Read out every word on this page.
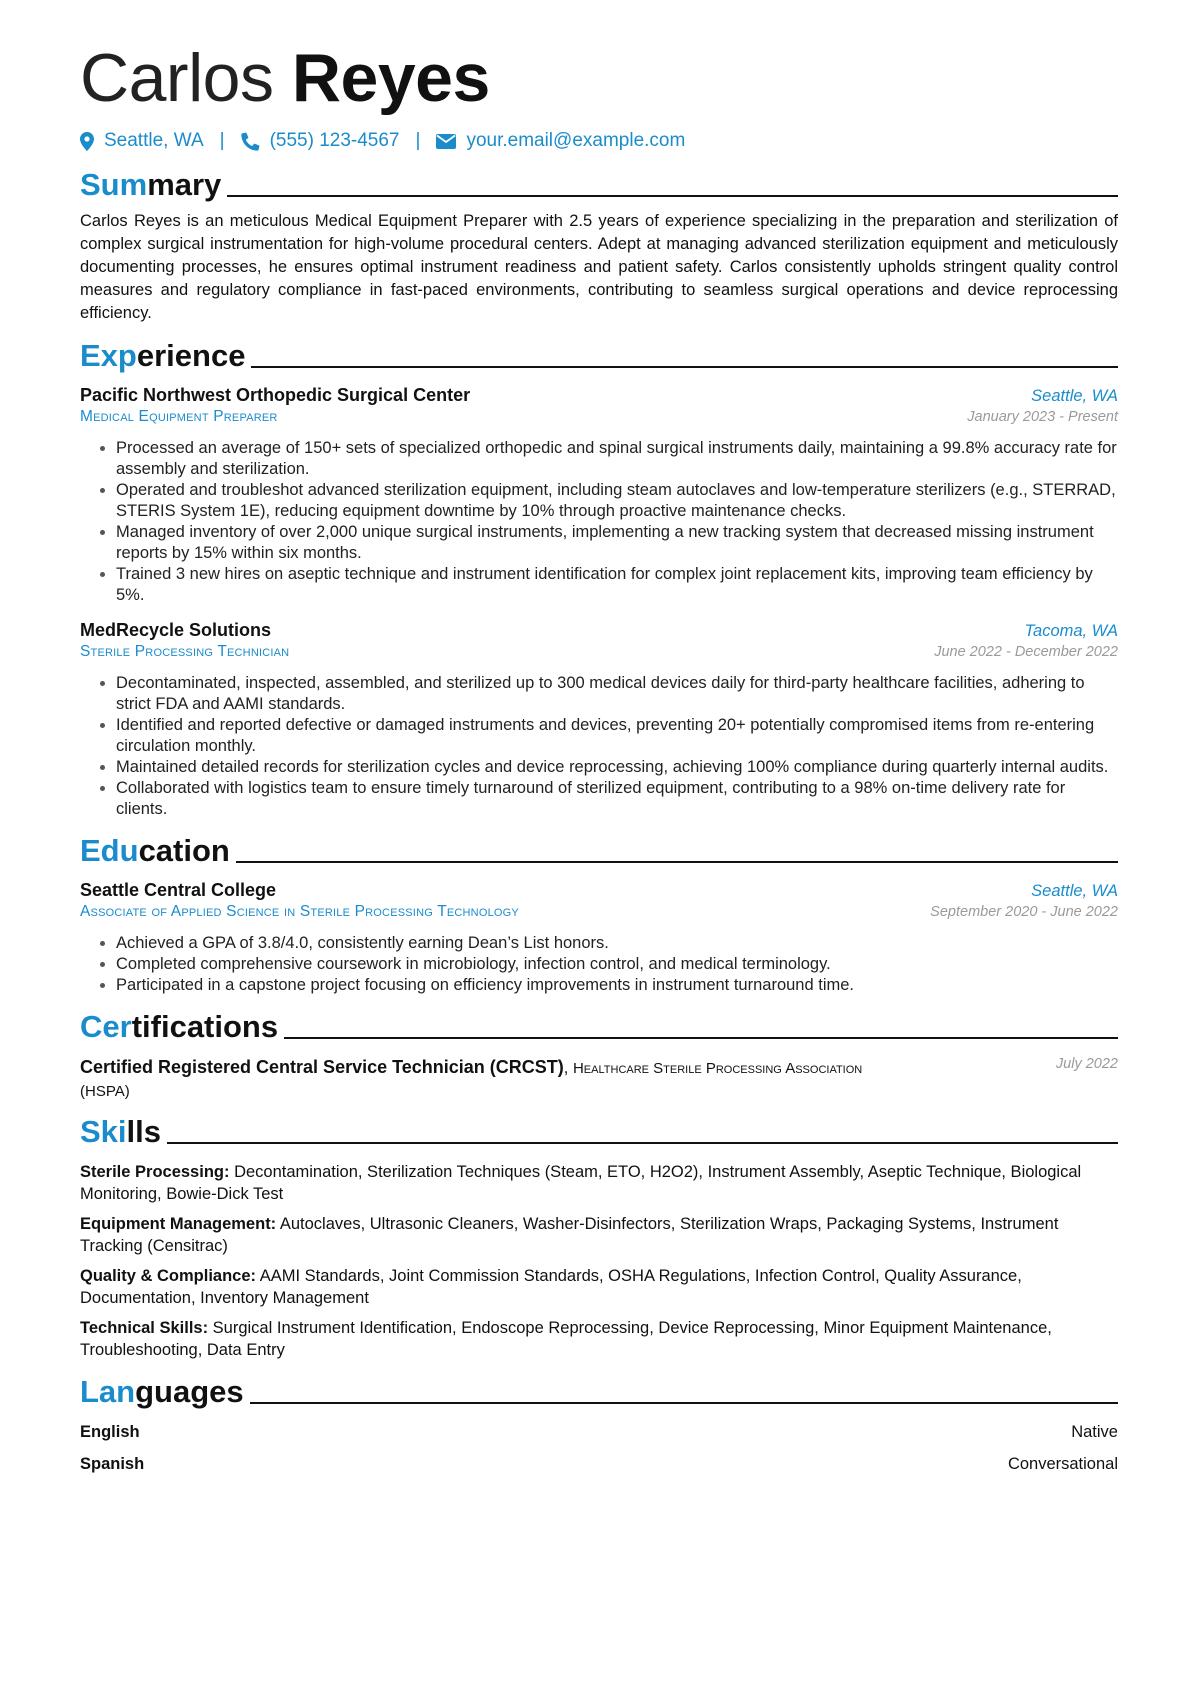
Carlos Reyes
Seattle, WA | (555) 123-4567 | your.email@example.com
Summary

Carlos Reyes is an meticulous Medical Equipment Preparer with 2.5 years of experience specializing in the preparation and sterilization of complex surgical instrumentation for high-volume procedural centers. Adept at managing advanced sterilization equipment and meticulously documenting processes, he ensures optimal instrument readiness and patient safety. Carlos consistently upholds stringent quality control measures and regulatory compliance in fast-paced environments, contributing to seamless surgical operations and device reprocessing efficiency.

Experience
Pacific Northwest Orthopedic Surgical Center	Seattle, WA
Medical Equipment Preparer	January 2023 - Present
• Processed an average of 150+ sets of specialized orthopedic and spinal surgical instruments daily, maintaining a 99.8% accuracy rate for assembly and sterilization.
• Operated and troubleshot advanced sterilization equipment, including steam autoclaves and low-temperature sterilizers (e.g., STERRAD, STERIS System 1E), reducing equipment downtime by 10% through proactive maintenance checks.
• Managed inventory of over 2,000 unique surgical instruments, implementing a new tracking system that decreased missing instrument reports by 15% within six months.
• Trained 3 new hires on aseptic technique and instrument identification for complex joint replacement kits, improving team efficiency by 5%.
MedRecycle Solutions	Tacoma, WA
Sterile Processing Technician	June 2022 - December 2022
• Decontaminated, inspected, assembled, and sterilized up to 300 medical devices daily for third-party healthcare facilities, adhering to strict FDA and AAMI standards.
• Identified and reported defective or damaged instruments and devices, preventing 20+ potentially compromised items from re-entering circulation monthly.
• Maintained detailed records for sterilization cycles and device reprocessing, achieving 100% compliance during quarterly internal audits.
• Collaborated with logistics team to ensure timely turnaround of sterilized equipment, contributing to a 98% on-time delivery rate for clients.
Education
Seattle Central College	Seattle, WA
Associate of Applied Science in Sterile Processing Technology	September 2020 - June 2022
• Achieved a GPA of 3.8/4.0, consistently earning Dean’s List honors.
• Completed comprehensive coursework in microbiology, infection control, and medical terminology.
• Participated in a capstone project focusing on efficiency improvements in instrument turnaround time.
Certifications
Certified Registered Central Service Technician (CRCST), Healthcare Sterile Processing Association (HSPA)
July 2022
Skills
Sterile Processing: Decontamination, Sterilization Techniques (Steam, ETO, H2O2), Instrument Assembly, Aseptic Technique, Biological Monitoring, Bowie-Dick Test
Equipment Management: Autoclaves, Ultrasonic Cleaners, Washer-Disinfectors, Sterilization Wraps, Packaging Systems, Instrument Tracking (Censitrac)
Quality & Compliance: AAMI Standards, Joint Commission Standards, OSHA Regulations, Infection Control, Quality Assurance, Documentation, Inventory Management
Technical Skills: Surgical Instrument Identification, Endoscope Reprocessing, Device Reprocessing, Minor Equipment Maintenance, Troubleshooting, Data Entry
Languages
English	Native
Spanish	Conversational
